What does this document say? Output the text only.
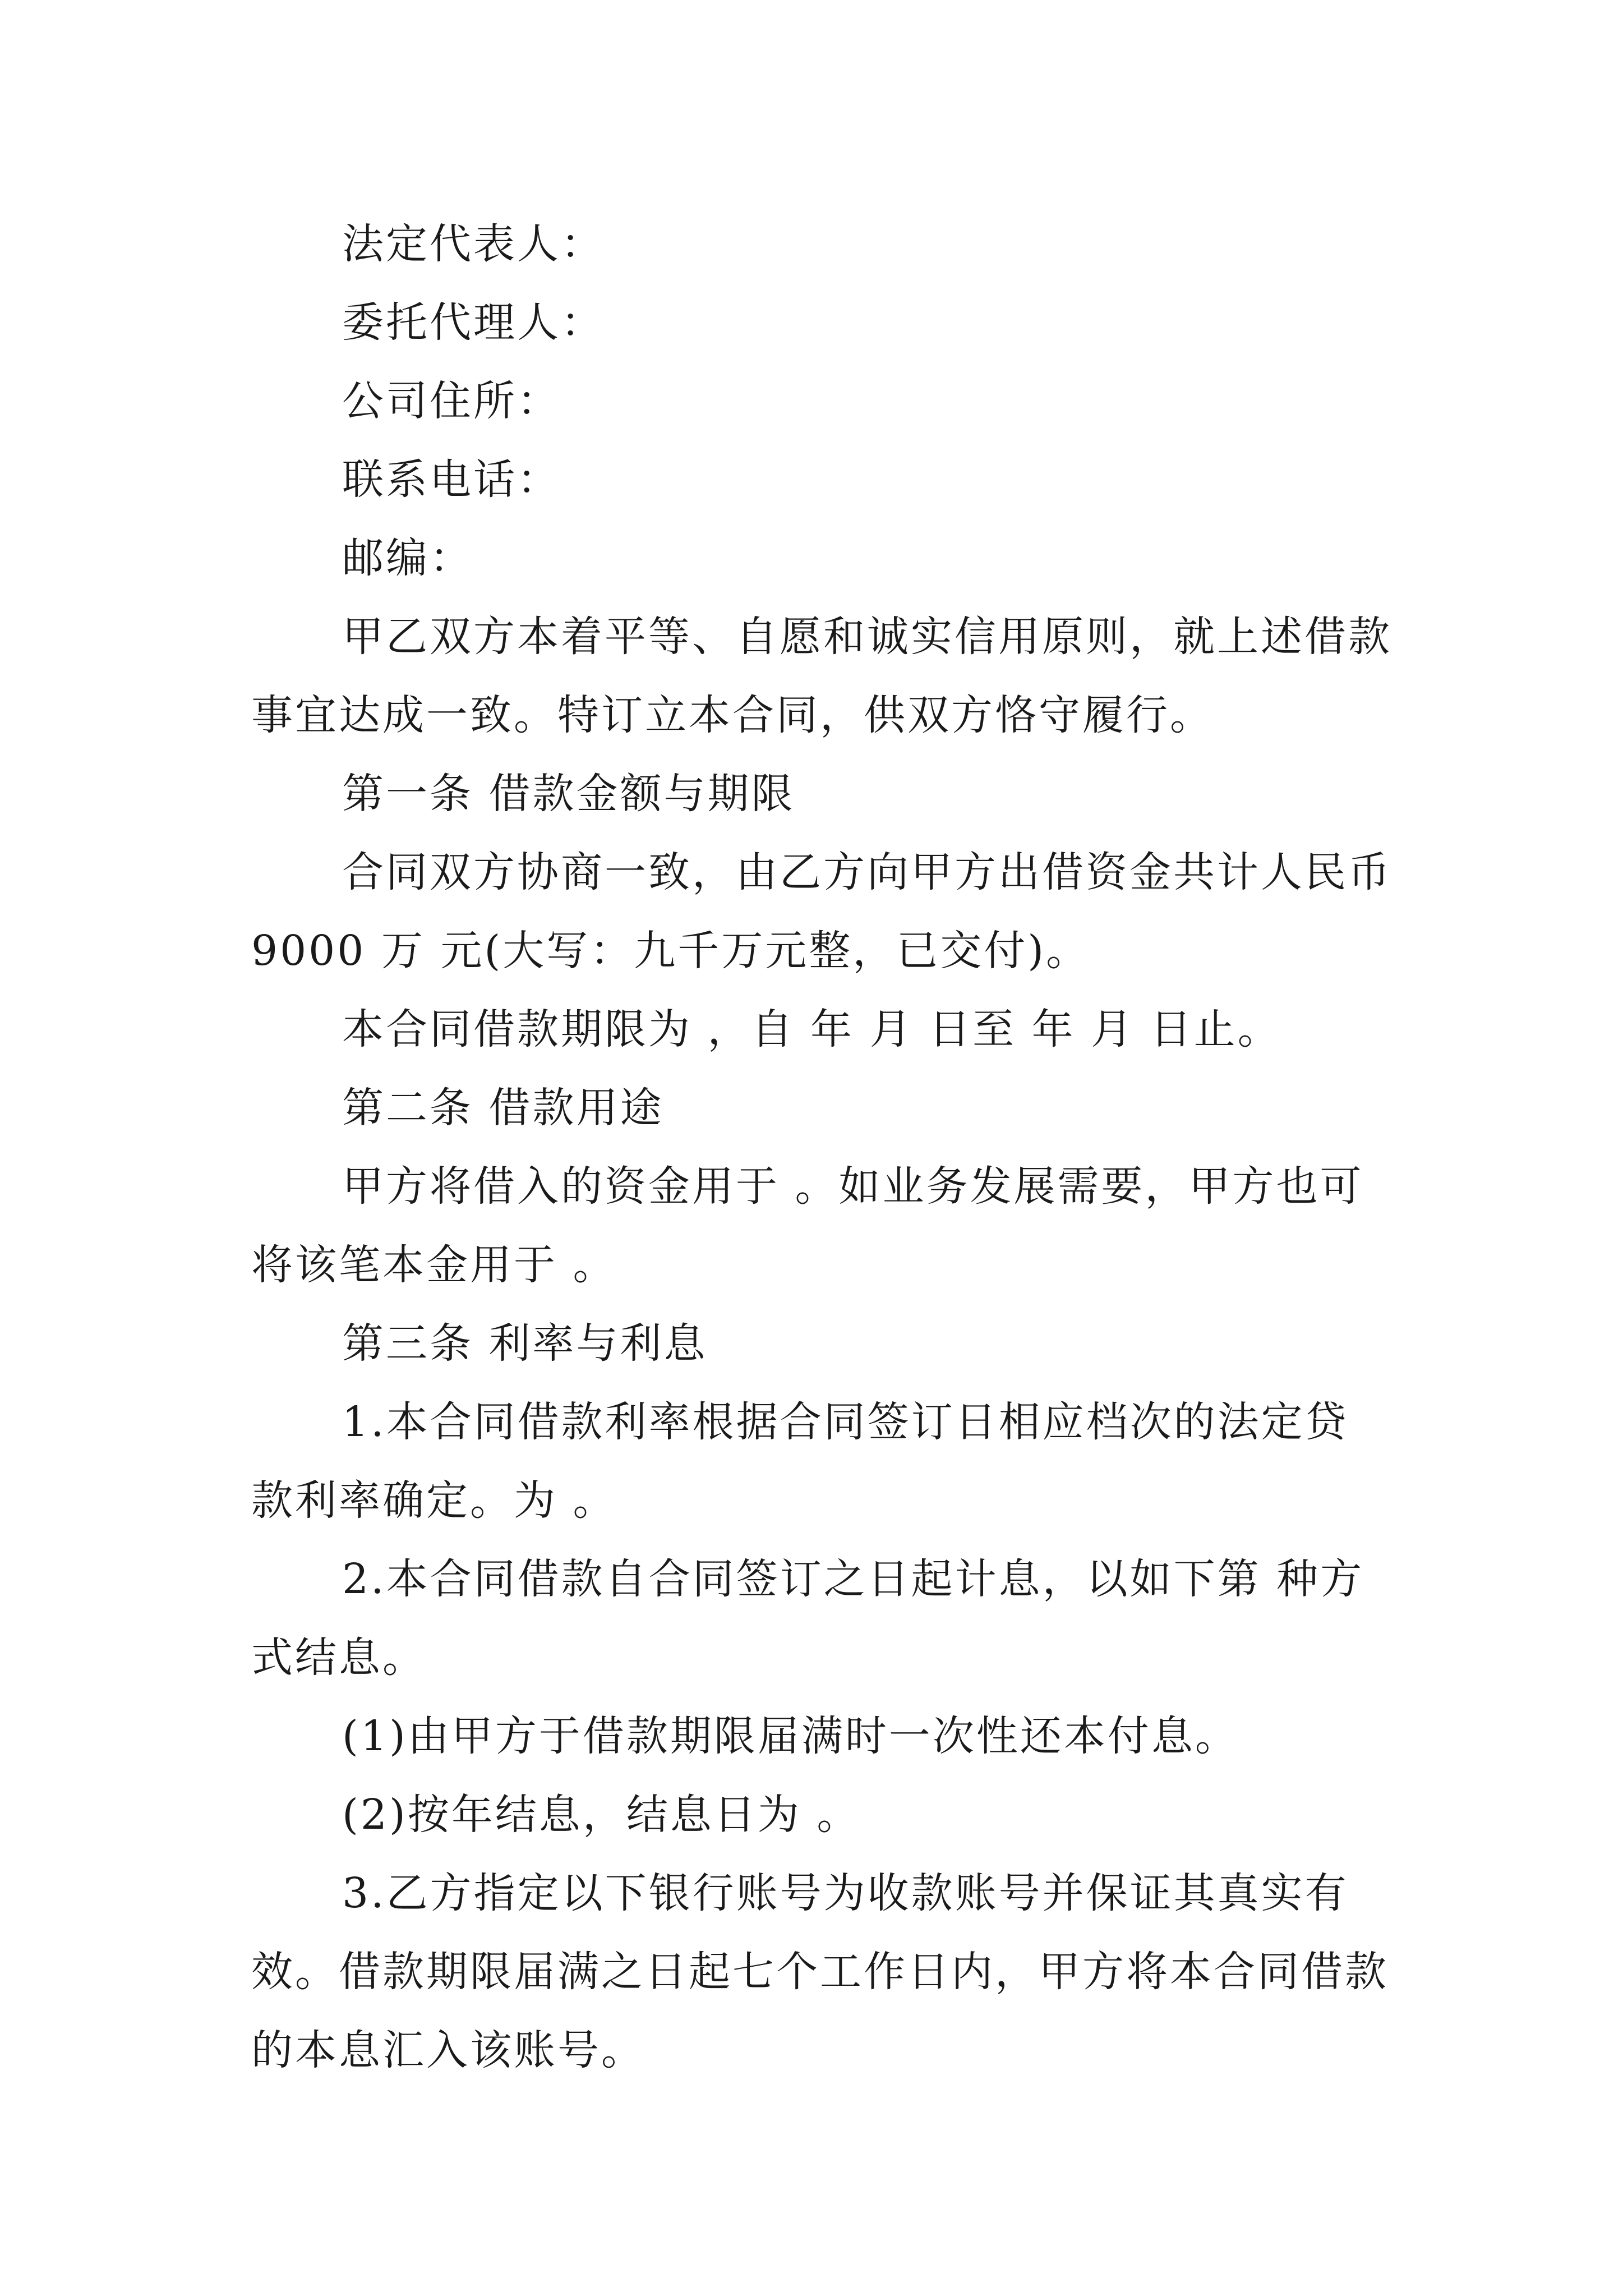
法定代表人：
委托代理人：
公司住所：
联系电话：
邮编：
甲乙双方本着平等、自愿和诚实信用原则，就上述借款
事宜达成一致。特订立本合同，供双方恪守履行。
第一条 借款金额与期限
合同双方协商一致，由乙方向甲方出借资金共计人民币
9000 万 元(大写：九千万元整，已交付)。
本合同借款期限为 ，自 年 月 日至 年 月 日止。
第二条 借款用途
甲方将借入的资金用于 。如业务发展需要，甲方也可
将该笔本金用于 。
第三条 利率与利息
1.本合同借款利率根据合同签订日相应档次的法定贷
款利率确定。为 。
2.本合同借款自合同签订之日起计息，以如下第 种方
式结息。
(1)由甲方于借款期限届满时一次性还本付息。
(2)按年结息，结息日为 。
3.乙方指定以下银行账号为收款账号并保证其真实有
效。借款期限届满之日起七个工作日内，甲方将本合同借款
的本息汇入该账号。
